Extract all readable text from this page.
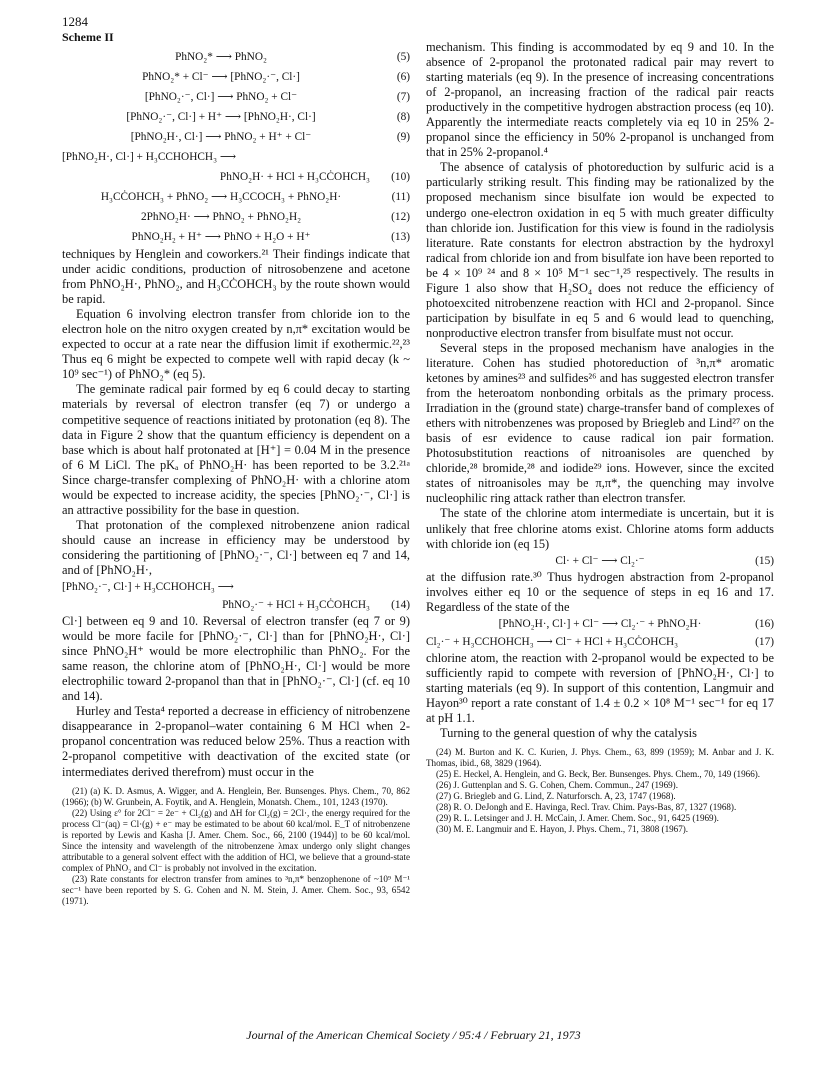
1284
Scheme II
PhNO₂* ⟶ PhNO₂	(5)
PhNO₂* + Cl⁻ ⟶ [PhNO₂·⁻, Cl·]	(6)
[PhNO₂·⁻, Cl·] ⟶ PhNO₂ + Cl⁻	(7)
[PhNO₂·⁻, Cl·] + H⁺ ⟶ [PhNO₂H·, Cl·]	(8)
[PhNO₂H·, Cl·] ⟶ PhNO₂ + H⁺ + Cl⁻	(9)
[PhNO₂H·, Cl·] + H₃CCHOHCH₃ ⟶
PhNO₂H· + HCl + H₃CĊOHCH₃ (10)
H₃CĊOHCH₃ + PhNO₂ ⟶ H₃CCOCH₃ + PhNO₂H·	(11)
2PhNO₂H· ⟶ PhNO₂ + PhNO₂H₂	(12)
PhNO₂H₂ + H⁺ ⟶ PhNO + H₂O + H⁺	(13)

techniques by Henglein and coworkers.²¹ Their findings indicate that under acidic conditions, production of nitrosobenzene and acetone from PhNO₂H·, PhNO₂, and H₃CĊOHCH₃ by the route shown would be rapid.

Equation 6 involving electron transfer from chloride ion to the electron hole on the nitro oxygen created by n,π* excitation would be expected to occur at a rate near the diffusion limit if exothermic.²²,²³ Thus eq 6 might be expected to compete well with rapid decay (k ~ 10⁹ sec⁻¹) of PhNO₂* (eq 5).

The geminate radical pair formed by eq 6 could decay to starting materials by reversal of electron transfer (eq 7) or undergo a competitive sequence of reactions initiated by protonation (eq 8). The data in Figure 2 show that the quantum efficiency is dependent on a base which is about half protonated at [H⁺] = 0.04 M in the presence of 6 M LiCl. The pKₐ of PhNO₂H· has been reported to be 3.2.²¹ᵃ Since charge-transfer complexing of PhNO₂H· with a chlorine atom would be expected to increase acidity, the species [PhNO₂·⁻, Cl·] is an attractive possibility for the base in question.

That protonation of the complexed nitrobenzene anion radical should cause an increase in efficiency may be understood by considering the partitioning of [PhNO₂·⁻, Cl·] between eq 7 and 14, and of [PhNO₂H·,

[PhNO₂·⁻, Cl·] + H₃CCHOHCH₃ ⟶
PhNO₂·⁻ + HCl + H₃CĊOHCH₃ (14)

Cl·] between eq 9 and 10. Reversal of electron transfer (eq 7 or 9) would be more facile for [PhNO₂·⁻, Cl·] than for [PhNO₂H·, Cl·] since PhNO₂H⁺ would be more electrophilic than PhNO₂. For the same reason, the chlorine atom of [PhNO₂H·, Cl·] would be more electrophilic toward 2-propanol than that in [PhNO₂·⁻, Cl·] (cf. eq 10 and 14).

Hurley and Testa⁴ reported a decrease in efficiency of nitrobenzene disappearance in 2-propanol–water containing 6 M HCl when 2-propanol concentration was reduced below 25%. Thus a reaction with 2-propanol competitive with deactivation of the excited state (or intermediates derived therefrom) must occur in the

(21) (a) K. D. Asmus, A. Wigger, and A. Henglein, Ber. Bunsenges. Phys. Chem., 70, 862 (1966); (b) W. Grunbein, A. Foytik, and A. Henglein, Monatsh. Chem., 101, 1243 (1970).

(22) Using ε° for 2Cl⁻ = 2e⁻ + Cl₂(g) and ΔH for Cl₂(g) = 2Cl·, the energy required for the process Cl⁻(aq) = Cl·(g) + e⁻ may be estimated to be about 60 kcal/mol. E_T of nitrobenzene is reported by Lewis and Kasha [J. Amer. Chem. Soc., 66, 2100 (1944)] to be 60 kcal/mol. Since the intensity and wavelength of the nitrobenzene λmax undergo only slight changes attributable to a general solvent effect with the addition of HCl, we believe that a ground-state complex of PhNO₂ and Cl⁻ is probably not involved in the excitation.

(23) Rate constants for electron transfer from amines to ³n,π* benzophenone of ~10⁹ M⁻¹ sec⁻¹ have been reported by S. G. Cohen and N. M. Stein, J. Amer. Chem. Soc., 93, 6542 (1971).

mechanism. This finding is accommodated by eq 9 and 10. In the absence of 2-propanol the protonated radical pair may revert to starting materials (eq 9). In the presence of increasing concentrations of 2-propanol, an increasing fraction of the radical pair reacts productively in the competitive hydrogen abstraction process (eq 10). Apparently the intermediate reacts completely via eq 10 in 25% 2-propanol since the efficiency in 50% 2-propanol is unchanged from that in 25% 2-propanol.⁴

The absence of catalysis of photoreduction by sulfuric acid is a particularly striking result. This finding may be rationalized by the proposed mechanism since bisulfate ion would be expected to undergo one-electron oxidation in eq 5 with much greater difficulty than chloride ion. Justification for this view is found in the radiolysis literature. Rate constants for electron abstraction by the hydroxyl radical from chloride ion and from bisulfate ion have been reported to be 4 × 10⁹ ²⁴ and 8 × 10⁵ M⁻¹ sec⁻¹,²⁵ respectively. The results in Figure 1 also show that H₂SO₄ does not reduce the efficiency of photoexcited nitrobenzene reaction with HCl and 2-propanol. Since participation by bisulfate in eq 5 and 6 would lead to quenching, nonproductive electron transfer from bisulfate must not occur.

Several steps in the proposed mechanism have analogies in the literature. Cohen has studied photoreduction of ³n,π* aromatic ketones by amines²³ and sulfides²⁶ and has suggested electron transfer from the heteroatom nonbonding orbitals as the primary process. Irradiation in the (ground state) charge-transfer band of complexes of ethers with nitrobenzenes was proposed by Briegleb and Lind²⁷ on the basis of esr evidence to cause radical ion pair formation. Photosubstitution reactions of nitroanisoles are quenched by chloride,²⁸ bromide,²⁸ and iodide²⁹ ions. However, since the excited states of nitroanisoles may be π,π*, the quenching may involve nucleophilic ring attack rather than electron transfer.

The state of the chlorine atom intermediate is uncertain, but it is unlikely that free chlorine atoms exist. Chlorine atoms form adducts with chloride ion (eq 15)

Cl· + Cl⁻ ⟶ Cl₂·⁻	(15)

at the diffusion rate.³⁰ Thus hydrogen abstraction from 2-propanol involves either eq 10 or the sequence of steps in eq 16 and 17. Regardless of the state of the

[PhNO₂H·, Cl·] + Cl⁻ ⟶ Cl₂·⁻ + PhNO₂H·	(16)
Cl₂·⁻ + H₃CCHOHCH₃ ⟶ Cl⁻ + HCl + H₃CĊOHCH₃	(17)

chlorine atom, the reaction with 2-propanol would be expected to be sufficiently rapid to compete with reversion of [PhNO₂H·, Cl·] to starting materials (eq 9). In support of this contention, Langmuir and Hayon³⁰ report a rate constant of 1.4 ± 0.2 × 10⁸ M⁻¹ sec⁻¹ for eq 17 at pH 1.1.

Turning to the general question of why the catalysis

(24) M. Burton and K. C. Kurien, J. Phys. Chem., 63, 899 (1959); M. Anbar and J. K. Thomas, ibid., 68, 3829 (1964).

(25) E. Heckel, A. Henglein, and G. Beck, Ber. Bunsenges. Phys. Chem., 70, 149 (1966).

(26) J. Guttenplan and S. G. Cohen, Chem. Commun., 247 (1969).

(27) G. Briegleb and G. Lind, Z. Naturforsch. A, 23, 1747 (1968).

(28) R. O. DeJongh and E. Havinga, Recl. Trav. Chim. Pays-Bas, 87, 1327 (1968).

(29) R. L. Letsinger and J. H. McCain, J. Amer. Chem. Soc., 91, 6425 (1969).

(30) M. E. Langmuir and E. Hayon, J. Phys. Chem., 71, 3808 (1967).

Journal of the American Chemical Society / 95:4 / February 21, 1973
